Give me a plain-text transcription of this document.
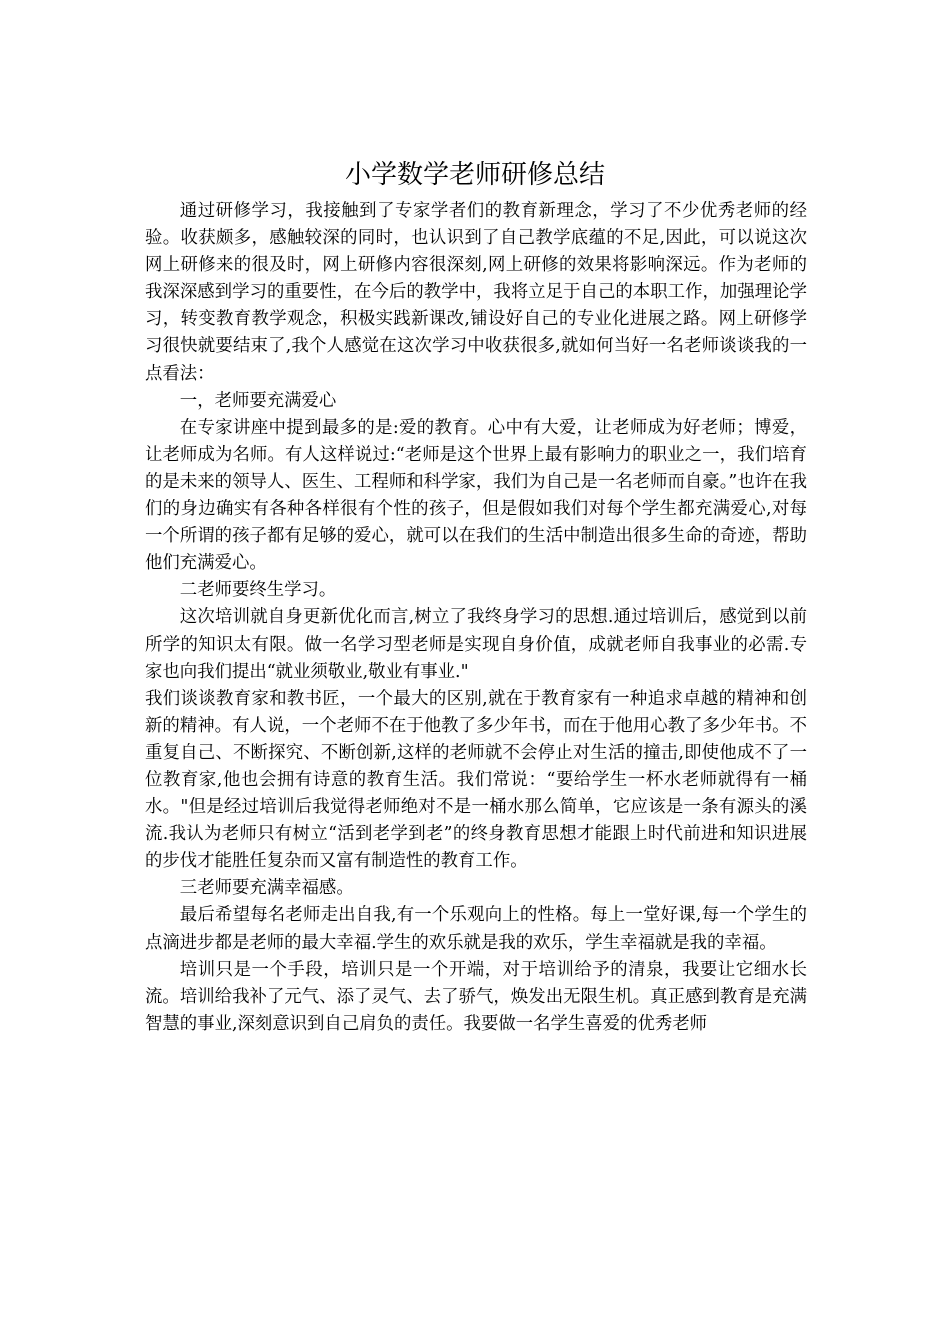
小学数学老师研修总结

通过研修学习，我接触到了专家学者们的教育新理念，学习了不少优秀老师的经验。收获颇多，感触较深的同时，也认识到了自己教学底蕴的不足,因此，可以说这次网上研修来的很及时，网上研修内容很深刻,网上研修的效果将影响深远。作为老师的我深深感到学习的重要性，在今后的教学中，我将立足于自己的本职工作，加强理论学习，转变教育教学观念，积极实践新课改,铺设好自己的专业化进展之路。网上研修学习很快就要结束了,我个人感觉在这次学习中收获很多,就如何当好一名老师谈谈我的一点看法：

一，老师要充满爱心

在专家讲座中提到最多的是:爱的教育。心中有大爱，让老师成为好老师；博爱，让老师成为名师。有人这样说过:“老师是这个世界上最有影响力的职业之一，我们培育的是未来的领导人、医生、工程师和科学家，我们为自己是一名老师而自豪。”也许在我们的身边确实有各种各样很有个性的孩子，但是假如我们对每个学生都充满爱心,对每一个所谓的孩子都有足够的爱心，就可以在我们的生活中制造出很多生命的奇迹，帮助他们充满爱心。

二老师要终生学习。

这次培训就自身更新优化而言,树立了我终身学习的思想.通过培训后，感觉到以前所学的知识太有限。做一名学习型老师是实现自身价值，成就老师自我事业的必需.专家也向我们提出“就业须敬业,敬业有事业."

我们谈谈教育家和教书匠，一个最大的区别,就在于教育家有一种追求卓越的精神和创新的精神。有人说，一个老师不在于他教了多少年书，而在于他用心教了多少年书。不重复自己、不断探究、不断创新,这样的老师就不会停止对生活的撞击,即使他成不了一位教育家,他也会拥有诗意的教育生活。我们常说：“要给学生一杯水老师就得有一桶水。"但是经过培训后我觉得老师绝对不是一桶水那么简单，它应该是一条有源头的溪流.我认为老师只有树立“活到老学到老”的终身教育思想才能跟上时代前进和知识进展的步伐才能胜任复杂而又富有制造性的教育工作。

三老师要充满幸福感。

最后希望每名老师走出自我,有一个乐观向上的性格。每上一堂好课,每一个学生的点滴进步都是老师的最大幸福.学生的欢乐就是我的欢乐，学生幸福就是我的幸福。

培训只是一个手段，培训只是一个开端，对于培训给予的清泉，我要让它细水长流。培训给我补了元气、添了灵气、去了骄气，焕发出无限生机。真正感到教育是充满智慧的事业,深刻意识到自己肩负的责任。我要做一名学生喜爱的优秀老师
